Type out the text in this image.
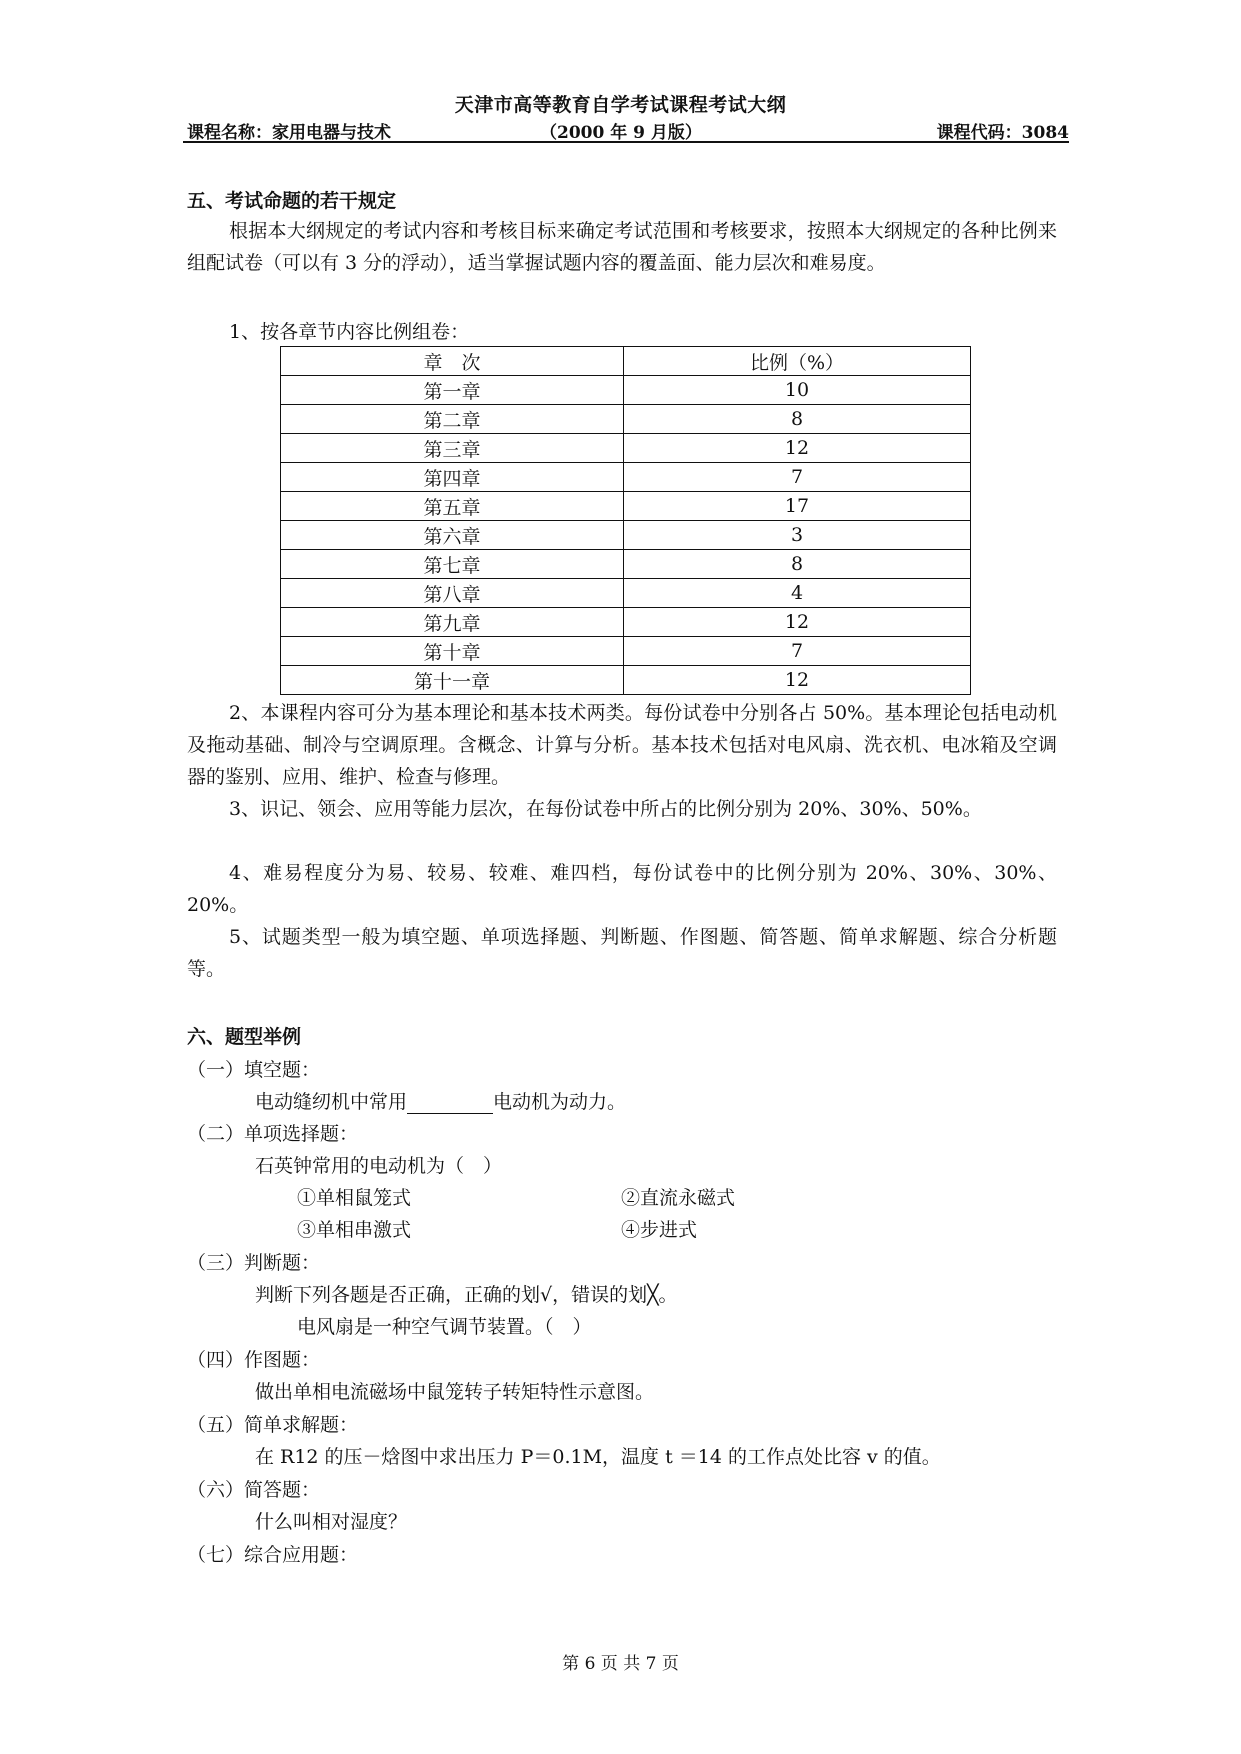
天津市高等教育自学考试课程考试大纲
课程名称：家用电器与技术	（2000 年 9 月版）	课程代码：3084
五、考试命题的若干规定
根据本大纲规定的考试内容和考核目标来确定考试范围和考核要求，按照本大纲规定的各种比例来组配试卷（可以有 3 分的浮动），适当掌握试题内容的覆盖面、能力层次和难易度。
1、按各章节内容比例组卷：
章　次	比例（%）
第一章	10
第二章	8
第三章	12
第四章	7
第五章	17
第六章	3
第七章	8
第八章	4
第九章	12
第十章	7
第十一章	12
2、本课程内容可分为基本理论和基本技术两类。每份试卷中分别各占 50%。基本理论包括电动机及拖动基础、制冷与空调原理。含概念、计算与分析。基本技术包括对电风扇、洗衣机、电冰箱及空调器的鉴别、应用、维护、检查与修理。
3、识记、领会、应用等能力层次，在每份试卷中所占的比例分别为 20%、30%、50%。
4、难易程度分为易、较易、较难、难四档，每份试卷中的比例分别为 20%、30%、30%、20%。
5、试题类型一般为填空题、单项选择题、判断题、作图题、简答题、简单求解题、综合分析题等。
六、题型举例
（一）填空题：
电动缝纫机中常用	电动机为动力。
（二）单项选择题：
石英钟常用的电动机为（　）
①单相鼠笼式	②直流永磁式
③单相串激式	④步进式
（三）判断题：
判断下列各题是否正确，正确的划√，错误的划╳。
电风扇是一种空气调节装置。（　）
（四）作图题：
做出单相电流磁场中鼠笼转子转矩特性示意图。
（五）简单求解题：
在 R12 的压－焓图中求出压力 P＝0.1M，温度 t ＝14 的工作点处比容 v 的值。
（六）简答题：
什么叫相对湿度？
（七）综合应用题：
第 6 页 共 7 页
